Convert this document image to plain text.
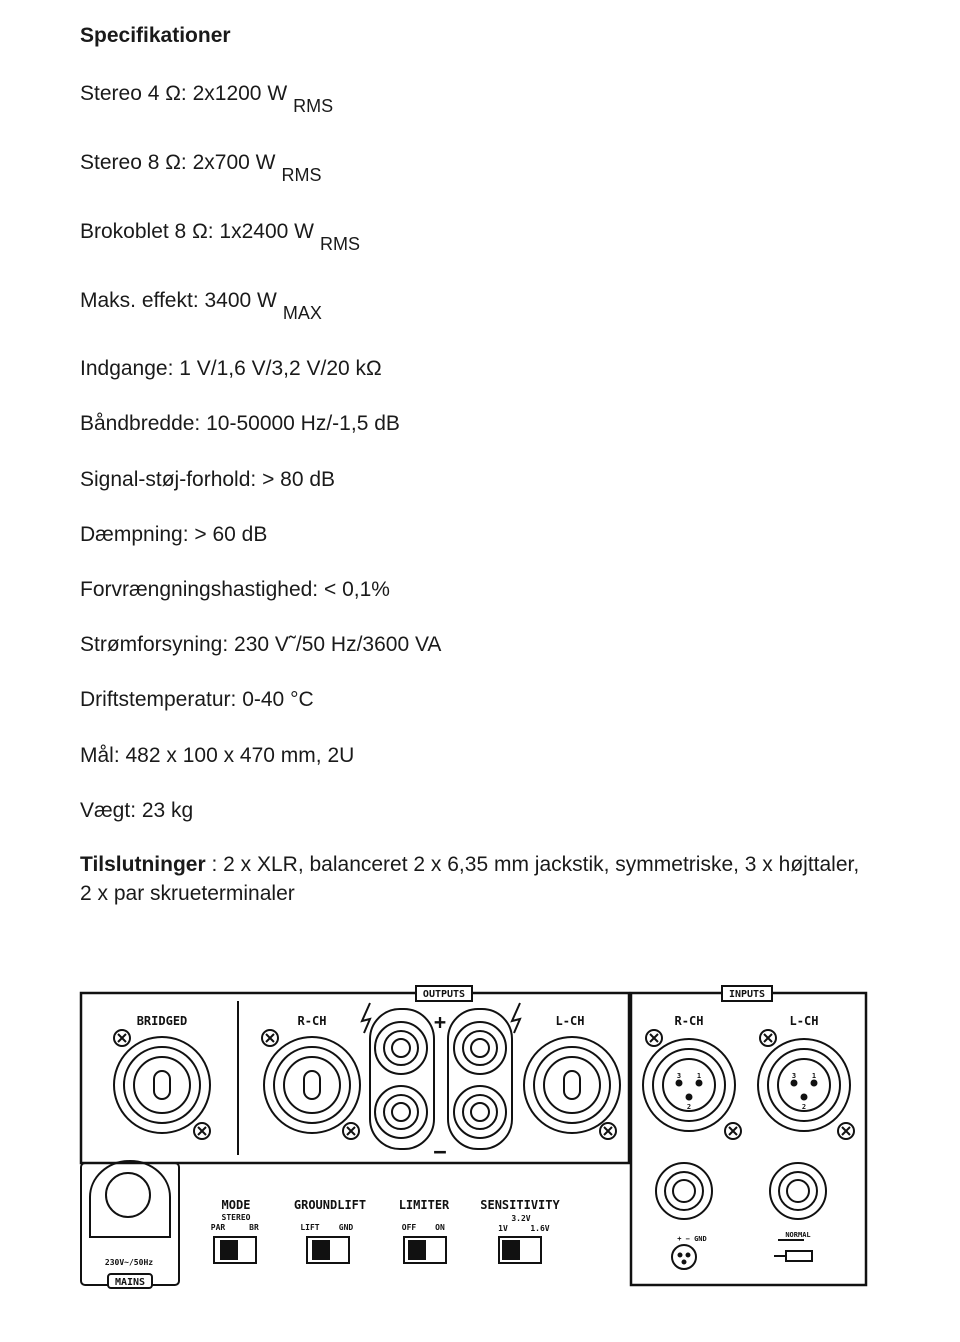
Specifikationer
Stereo 4 Ω: 2x1200 WRMS
Stereo 8 Ω: 2x700 WRMS
Brokoblet 8 Ω: 1x2400 WRMS
Maks. effekt: 3400 WMAX
Indgange: 1 V/1,6 V/3,2 V/20 kΩ
Båndbredde: 10-50000 Hz/-1,5 dB
Signal-støj-forhold: > 80 dB
Dæmpning: > 60 dB
Forvrængningshastighed: < 0,1%
Strømforsyning: 230 V˜/50 Hz/3600 VA
Driftstemperatur: 0-40 °C
Mål: 482 x 100 x 470 mm, 2U
Vægt: 23 kg
Tilslutninger : 2 x XLR, balanceret 2 x 6,35 mm jackstik, symmetriske, 3 x højttaler, 2 x par skrueterminaler
OUTPUTS	INPUTS
BRIDGED	R-CH	+
−
L-CH	R-CH
3 1
2
L-CH
3 1
2
+ − GND	NORMAL
230V~/50Hz
MAINS
MODE
STEREO
PAR	BR
GROUNDLIFT
LIFT GND
LIMITER
OFF ON
SENSITIVITY
3.2V
1V	1.6V
